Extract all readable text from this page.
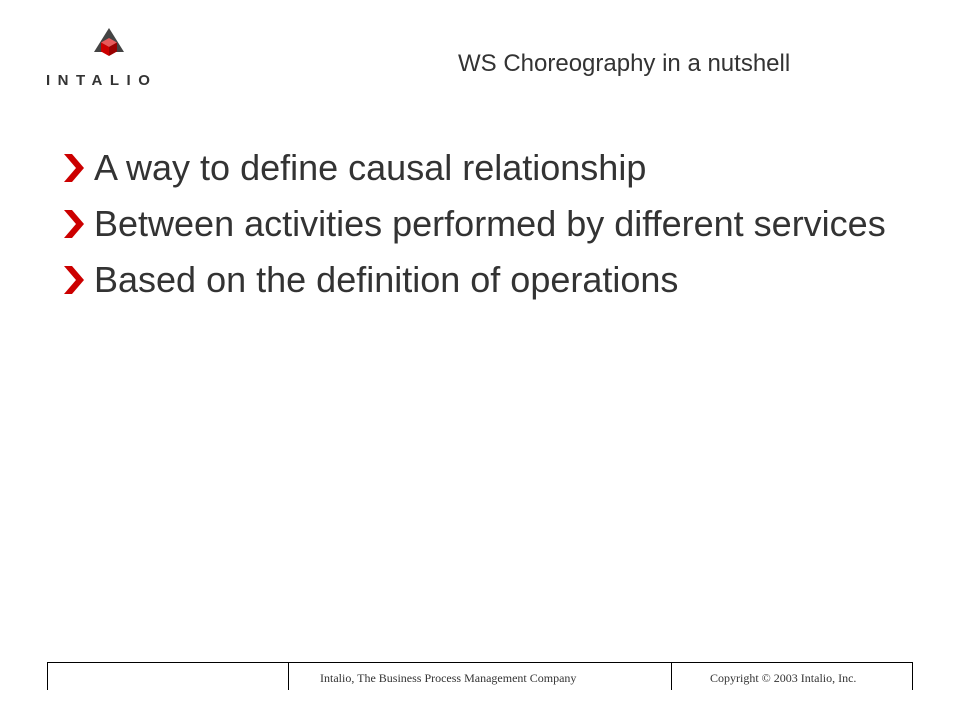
INTALIO
WS Choreography in a nutshell
A way to define causal relationship
Between activities performed by different services
Based on the definition of operations
Intalio, The Business Process Management Company	Copyright © 2003 Intalio, Inc.
